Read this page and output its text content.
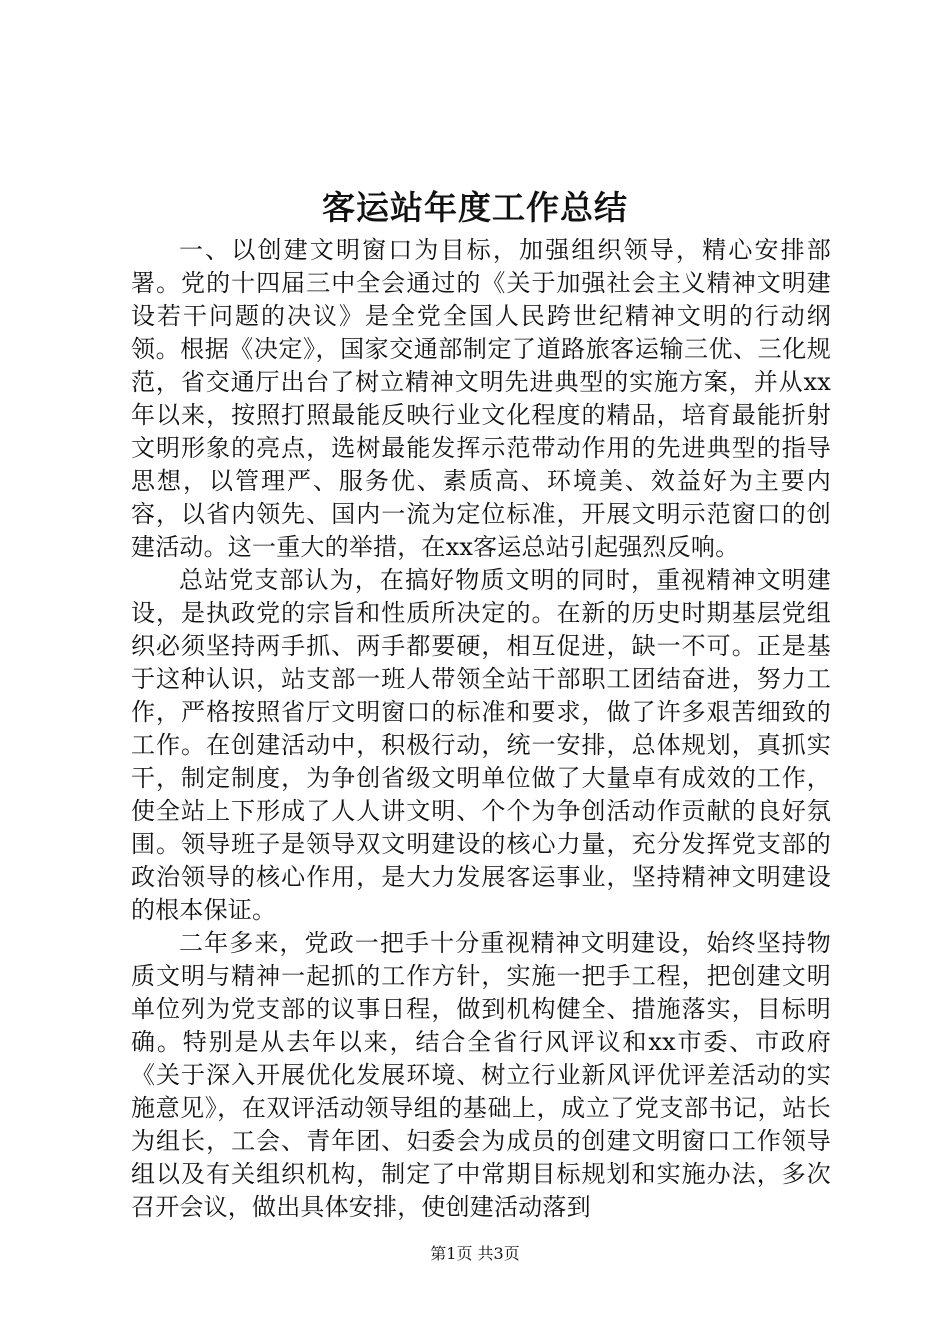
客运站年度工作总结

一、以创建文明窗口为目标，加强组织领导，精心安排部署。党的十四届三中全会通过的《关于加强社会主义精神文明建设若干问题的决议》是全党全国人民跨世纪精神文明的行动纲领。根据《决定》，国家交通部制定了道路旅客运输三优、三化规范，省交通厅出台了树立精神文明先进典型的实施方案，并从xx年以来，按照打照最能反映行业文化程度的精品，培育最能折射文明形象的亮点，选树最能发挥示范带动作用的先进典型的指导思想，以管理严、服务优、素质高、环境美、效益好为主要内容，以省内领先、国内一流为定位标准，开展文明示范窗口的创建活动。这一重大的举措，在xx客运总站引起强烈反响。

总站党支部认为，在搞好物质文明的同时，重视精神文明建设，是执政党的宗旨和性质所决定的。在新的历史时期基层党组织必须坚持两手抓、两手都要硬，相互促进，缺一不可。正是基于这种认识，站支部一班人带领全站干部职工团结奋进，努力工作，严格按照省厅文明窗口的标准和要求，做了许多艰苦细致的工作。在创建活动中，积极行动，统一安排，总体规划，真抓实干，制定制度，为争创省级文明单位做了大量卓有成效的工作，使全站上下形成了人人讲文明、个个为争创活动作贡献的良好氛围。领导班子是领导双文明建设的核心力量，充分发挥党支部的政治领导的核心作用，是大力发展客运事业，坚持精神文明建设的根本保证。

二年多来，党政一把手十分重视精神文明建设，始终坚持物质文明与精神一起抓的工作方针，实施一把手工程，把创建文明单位列为党支部的议事日程，做到机构健全、措施落实，目标明确。特别是从去年以来，结合全省行风评议和xx市委、市政府《关于深入开展优化发展环境、树立行业新风评优评差活动的实施意见》，在双评活动领导组的基础上，成立了党支部书记，站长为组长，工会、青年团、妇委会为成员的创建文明窗口工作领导组以及有关组织机构，制定了中常期目标规划和实施办法，多次召开会议，做出具体安排，使创建活动落到

第1页 共3页
